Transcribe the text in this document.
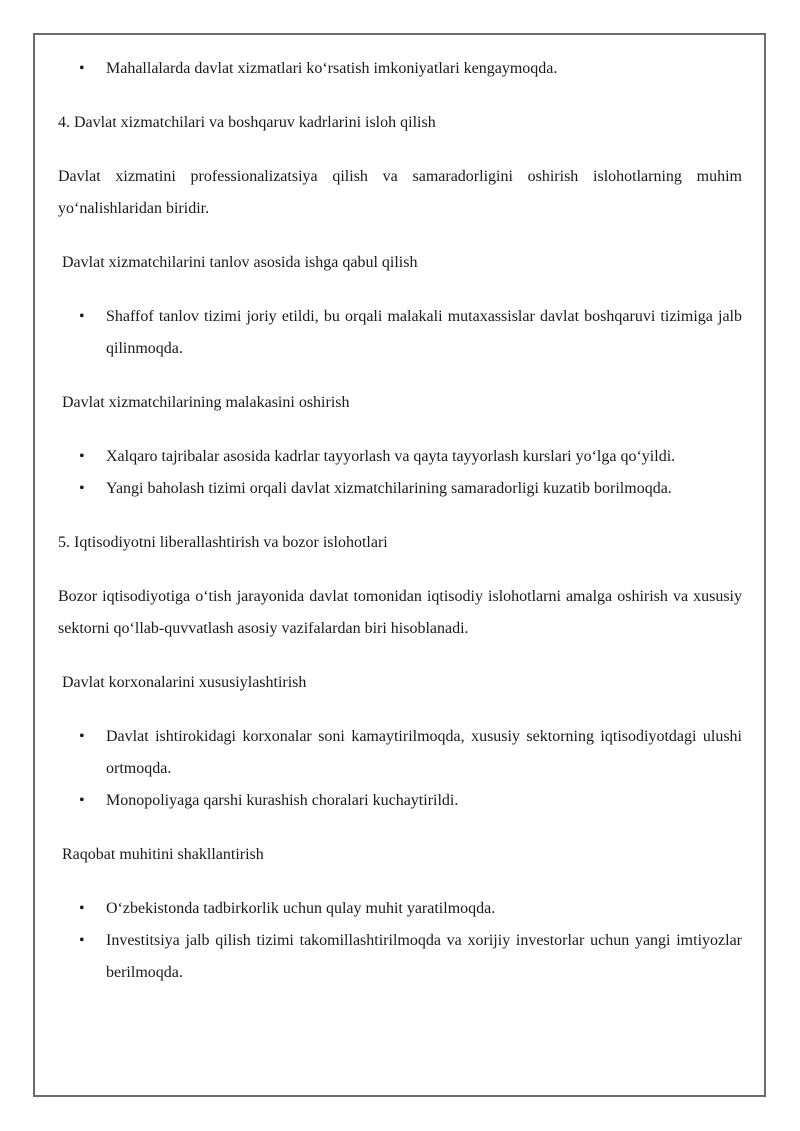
• Mahallalarda davlat xizmatlari ko‘rsatish imkoniyatlari kengaymoqda.

4. Davlat xizmatchilari va boshqaruv kadrlarini isloh qilish

Davlat xizmatini professionalizatsiya qilish va samaradorligini oshirish islohotlarning muhim yo‘nalishlaridan biridir.

Davlat xizmatchilarini tanlov asosida ishga qabul qilish

• Shaffof tanlov tizimi joriy etildi, bu orqali malakali mutaxassislar davlat boshqaruvi tizimiga jalb qilinmoqda.

Davlat xizmatchilarining malakasini oshirish

• Xalqaro tajribalar asosida kadrlar tayyorlash va qayta tayyorlash kurslari yo‘lga qo‘yildi.
• Yangi baholash tizimi orqali davlat xizmatchilarining samaradorligi kuzatib borilmoqda.

5. Iqtisodiyotni liberallashtirish va bozor islohotlari

Bozor iqtisodiyotiga o‘tish jarayonida davlat tomonidan iqtisodiy islohotlarni amalga oshirish va xususiy sektorni qo‘llab-quvvatlash asosiy vazifalardan biri hisoblanadi.

Davlat korxonalarini xususiylashtirish

• Davlat ishtirokidagi korxonalar soni kamaytirilmoqda, xususiy sektorning iqtisodiyotdagi ulushi ortmoqda.
• Monopoliyaga qarshi kurashish choralari kuchaytirildi.

Raqobat muhitini shakllantirish

• O‘zbekistonda tadbirkorlik uchun qulay muhit yaratilmoqda.
• Investitsiya jalb qilish tizimi takomillashtirilmoqda va xorijiy investorlar uchun yangi imtiyozlar berilmoqda.
